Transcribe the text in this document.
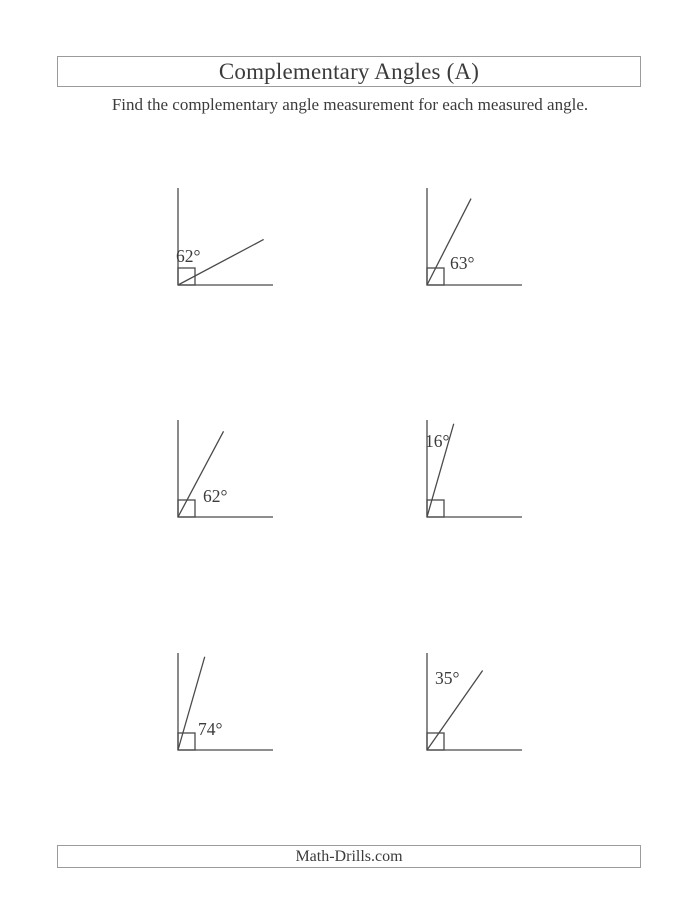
Complementary Angles (A)
Find the complementary angle measurement for each measured angle.
62°	63°
62°
16°
74°
35°
Math-Drills.com
